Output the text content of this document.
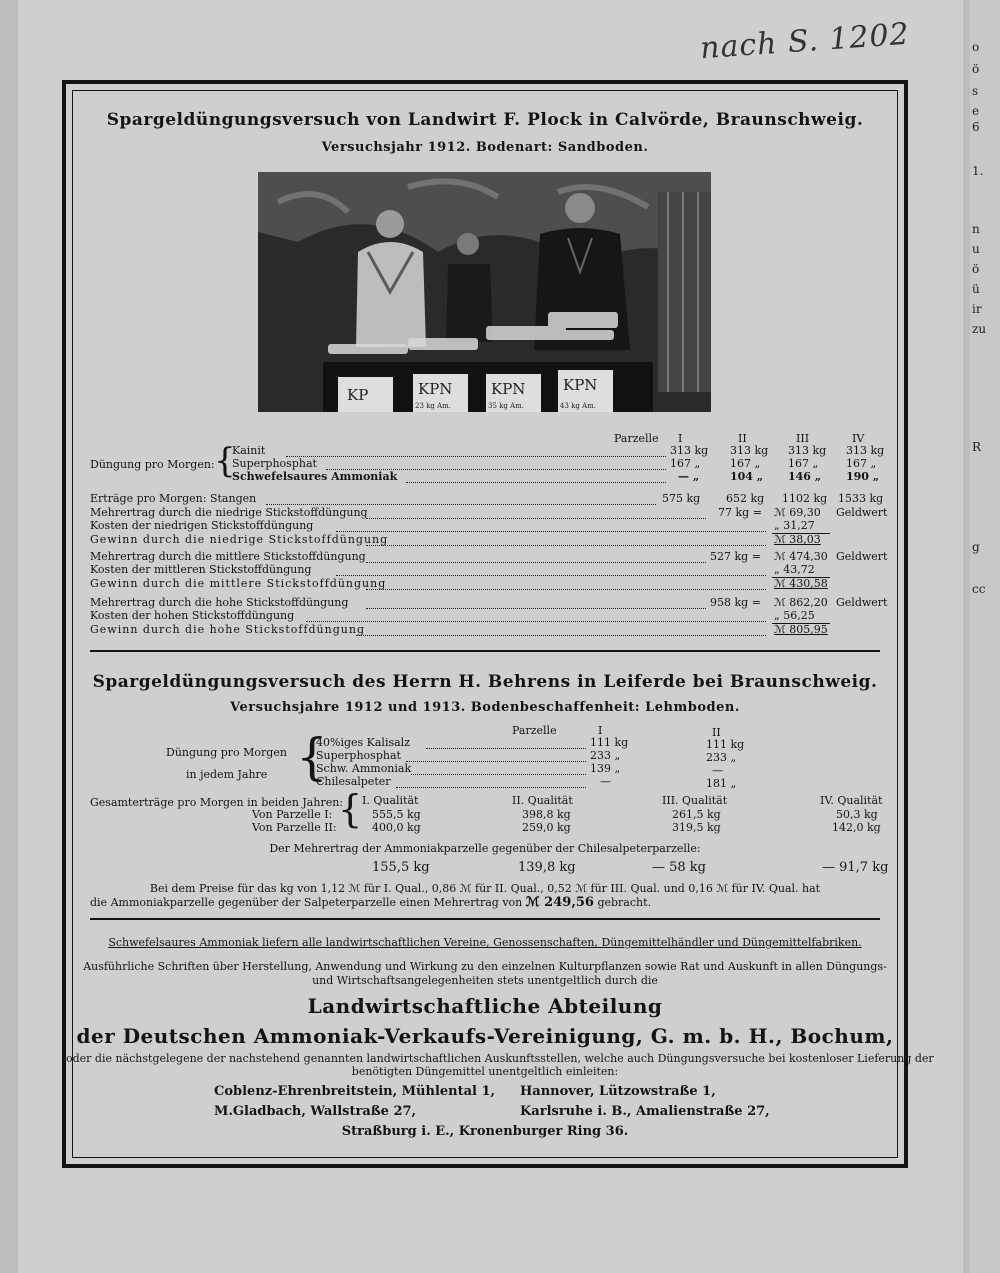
o
ö
s
e
6
1.
n
u
ö
ü
ir
zu
R
g
cc
nach S. 1202
Spargeldüngungsversuch von Landwirt F. Plock in Calvörde, Braunschweig.
Versuchsjahr 1912. Bodenart: Sandboden.
KP	KPN	KPN	KPN
23 kg Am.	35 kg Am.	43 kg Am.
Parzelle I	II	III	IV
Düngung pro Morgen: {
Kainit	313 kg 313 kg 313 kg 313 kg
Superphosphat	167 „	167 „	167 „	167 „
Schwefelsaures Ammoniak	— „	104 „ 146 „ 190 „
Erträge pro Morgen: Stangen	575 kg 652 kg 1102 kg 1533 kg
Mehrertrag durch die niedrige Stickstoffdüngung	77 kg = ℳ 69,30 Geldwert
Kosten der niedrigen Stickstoffdüngung	„ 31,27
Gewinn durch die niedrige Stickstoffdüngung	ℳ 38,03
Mehrertrag durch die mittlere Stickstoffdüngung	527 kg = ℳ 474,30 Geldwert
Kosten der mittleren Stickstoffdüngung	„ 43,72
Gewinn durch die mittlere Stickstoffdüngung	ℳ 430,58
Mehrertrag durch die hohe Stickstoffdüngung	958 kg = ℳ 862,20 Geldwert
Kosten der hohen Stickstoffdüngung	„ 56,25
Gewinn durch die hohe Stickstoffdüngung	ℳ 805,95
Spargeldüngungsversuch des Herrn H. Behrens in Leiferde bei Braunschweig.
Versuchsjahre 1912 und 1913. Bodenbeschaffenheit: Lehmboden.
Parzelle	I	II
Düngung pro Morgen
in jedem Jahre {
40%iges Kalisalz	111 kg	111 kg
Superphosphat	233 „	233 „
Schw. Ammoniak	139 „	—
Chilesalpeter	—	181 „
Gesamterträge pro Morgen in beiden Jahren:
{ I. Qualität	II. Qualität	III. Qualität	IV. Qualität
Von Parzelle I:	555,5 kg	398,8 kg	261,5 kg	50,3 kg
Von Parzelle II:	400,0 kg	259,0 kg	319,5 kg	142,0 kg
Der Mehrertrag der Ammoniakparzelle gegenüber der Chilesalpeterparzelle:
155,5 kg	139,8 kg	— 58 kg	— 91,7 kg
Bei dem Preise für das kg von 1,12 ℳ für I. Qual., 0,86 ℳ für II. Qual., 0,52 ℳ für III. Qual. und 0,16 ℳ für IV. Qual. hat
die Ammoniakparzelle gegenüber der Salpeterparzelle einen Mehrertrag von ℳ 249,56 gebracht.
Schwefelsaures Ammoniak liefern alle landwirtschaftlichen Vereine, Genossenschaften, Düngemittelhändler und Düngemittelfabriken.
Ausführliche Schriften über Herstellung, Anwendung und Wirkung zu den einzelnen Kulturpflanzen sowie Rat und Auskunft in allen Düngungs-
und Wirtschaftsangelegenheiten stets unentgeltlich durch die
Landwirtschaftliche Abteilung
der Deutschen Ammoniak-Verkaufs-Vereinigung, G. m. b. H., Bochum,
oder die nächstgelegene der nachstehend genannten landwirtschaftlichen Auskunftsstellen, welche auch Düngungsversuche bei kostenloser Lieferung der
benötigten Düngemittel unentgeltlich einleiten:
Coblenz-Ehrenbreitstein, Mühlental 1, Hannover, Lützowstraße 1,
M.Gladbach, Wallstraße 27,	Karlsruhe i. B., Amalienstraße 27,
Straßburg i. E., Kronenburger Ring 36.
